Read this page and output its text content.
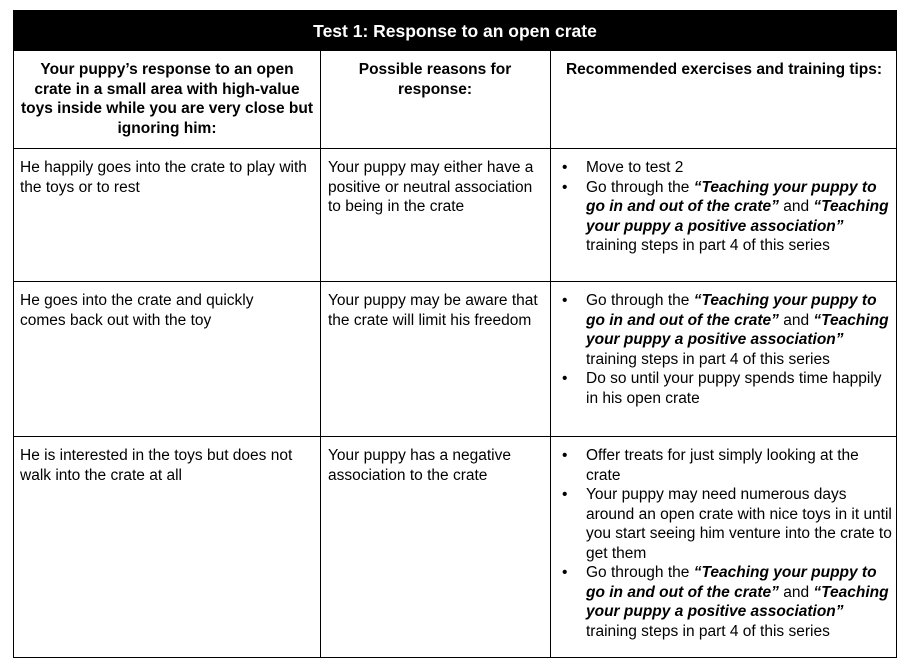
Test 1: Response to an open crate
Your puppy’s response to an open crate in a small area with high-value toys inside while you are very close but ignoring him:
Possible reasons for response:
Recommended exercises and training tips:
He happily goes into the crate to play with the toys or to rest
Your puppy may either have a positive or neutral association to being in the crate
• Move to test 2
• Go through the “Teaching your puppy to go in and out of the crate” and “Teaching your puppy a positive association” training steps in part 4 of this series
He goes into the crate and quickly comes back out with the toy
Your puppy may be aware that the crate will limit his freedom
• Go through the “Teaching your puppy to go in and out of the crate” and “Teaching your puppy a positive association” training steps in part 4 of this series
• Do so until your puppy spends time happily in his open crate
He is interested in the toys but does not walk into the crate at all
Your puppy has a negative association to the crate
• Offer treats for just simply looking at the crate
• Your puppy may need numerous days around an open crate with nice toys in it until you start seeing him venture into the crate to get them
• Go through the “Teaching your puppy to go in and out of the crate” and “Teaching your puppy a positive association” training steps in part 4 of this series
